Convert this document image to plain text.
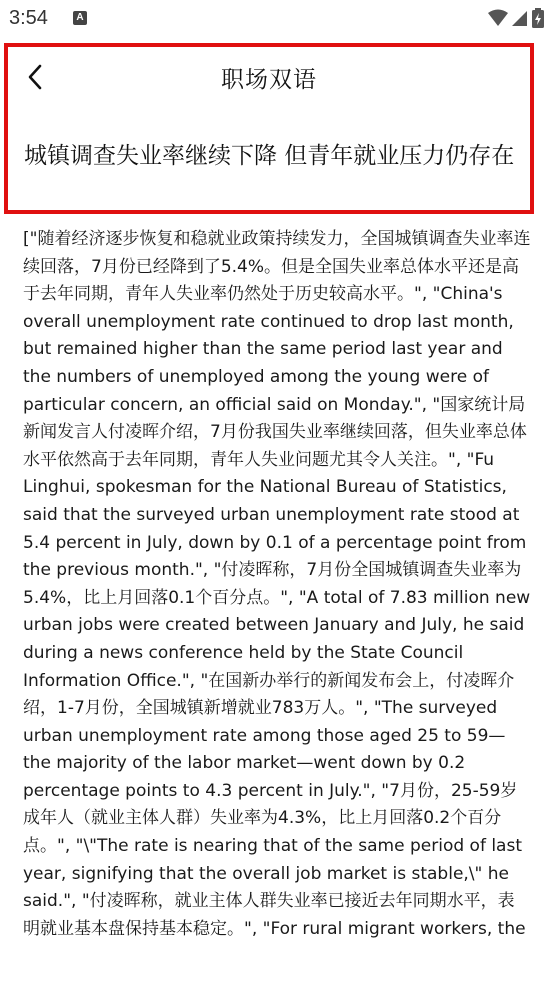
3:54	A
职场双语
城镇调查失业率继续下降 但青年就业压力仍存在
["随着经济逐步恢复和稳就业政策持续发力，全国城镇调查失业率连续回落，7月份已经降到了5.4%。但是全国失业率总体水平还是高于去年同期，青年人失业率仍然处于历史较高水平。", "China's overall unemployment rate continued to drop last month, but remained higher than the same period last year and the numbers of unemployed among the young were of particular concern, an official said on Monday.", "国家统计局新闻发言人付凌晖介绍，7月份我国失业率继续回落，但失业率总体水平依然高于去年同期，青年人失业问题尤其令人关注。", "Fu Linghui, spokesman for the National Bureau of Statistics, said that the surveyed urban unemployment rate stood at 5.4 percent in July, down by 0.1 of a percentage point from the previous month.", "付凌晖称，7月份全国城镇调查失业率为5.4%，比上月回落0.1个百分点。", "A total of 7.83 million new urban jobs were created between January and July, he said during a news conference held by the State Council Information Office.", "在国新办举行的新闻发布会上，付凌晖介绍，1-7月份，全国城镇新增就业783万人。", "The surveyed urban unemployment rate among those aged 25 to 59—the majority of the labor market—went down by 0.2 percentage points to 4.3 percent in July.", "7月份，25-59岁成年人（就业主体人群）失业率为4.3%，比上月回落0.2个百分点。", "\"The rate is nearing that of the same period of last year, signifying that the overall job market is stable,\" he said.", "付凌晖称，就业主体人群失业率已接近去年同期水平，表明就业基本盘保持基本稳定。", "For rural migrant workers, the
